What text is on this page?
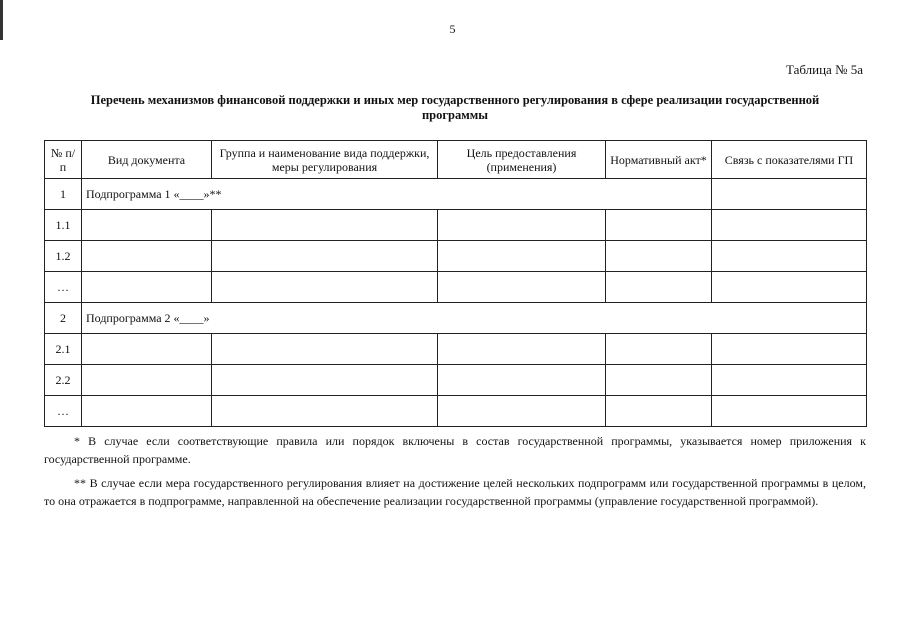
5
Таблица № 5а
Перечень механизмов финансовой поддержки и иных мер государственного регулирования в сфере реализации государственной программы
№ п/п	Вид документа	Группа и наименование вида поддержки, меры регулирования	Цель предоставления (применения)	Нормативный акт*	Связь с показателями ГП
1	Подпрограмма 1 «____»**				
1.1					
1.2					
…					
2	Подпрограмма 2 «____»				
2.1					
2.2					
…					

* В случае если соответствующие правила или порядок включены в состав государственной программы, указывается номер приложения к государственной программе.

** В случае если мера государственного регулирования влияет на достижение целей нескольких подпрограмм или государственной программы в целом, то она отражается в подпрограмме, направленной на обеспечение реализации государственной программы (управление государственной программой).
